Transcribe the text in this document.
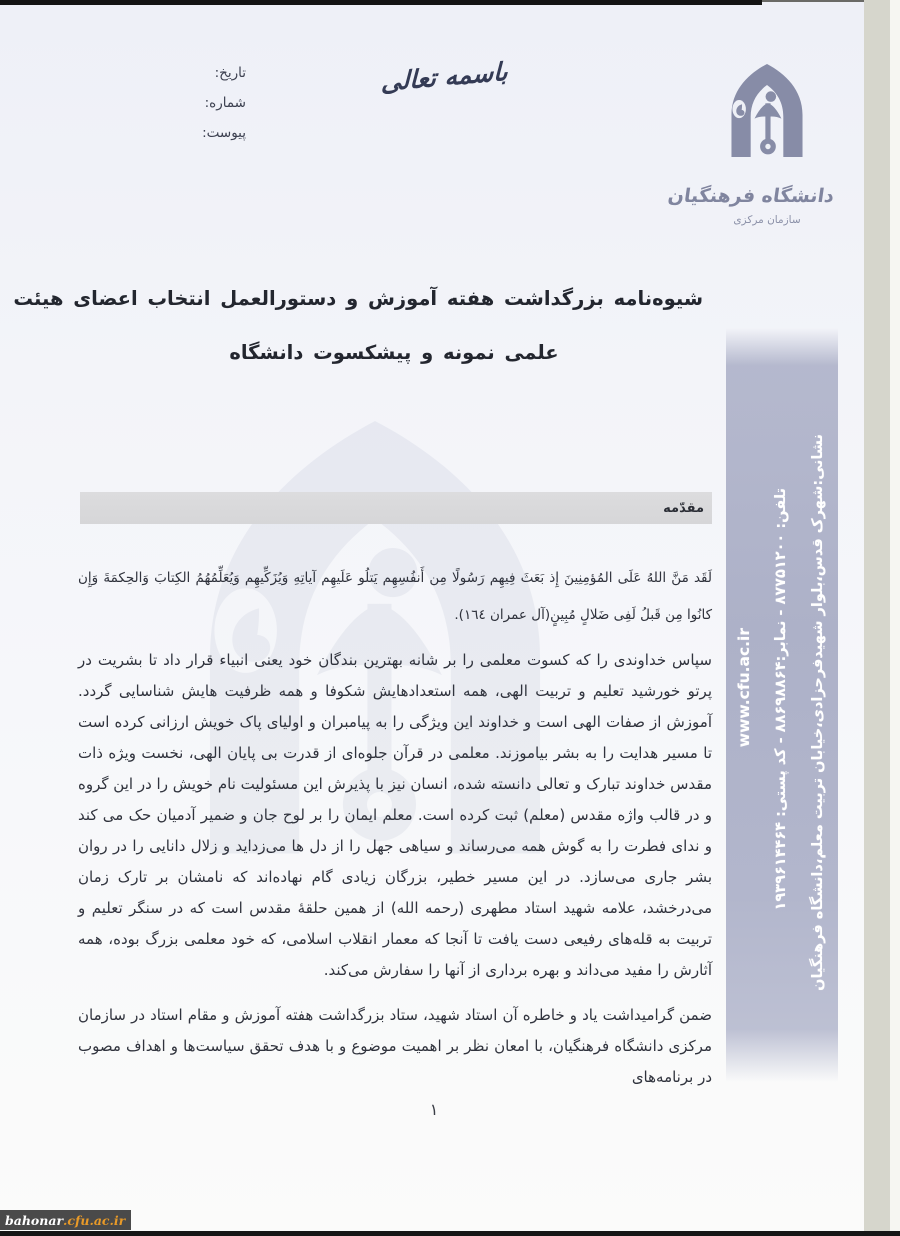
تاریخ:
شماره:
پیوست:
باسمه تعالی
دانشگاه فرهنگیان
سازمان مرکزی
شیوه‌نامه بزرگداشت هفته آموزش و دستورالعمل انتخاب اعضای هیئت
علمی نمونه و پیشکسوت دانشگاه
مقدّمه

لَقَد مَنَّ اللهُ عَلَی المُؤمِنِینَ إِذ بَعَثَ فِیهِم رَسُولًا مِن أَنفُسِهِم یَتلُو عَلَیهِم آیاتِهِ وَیُزَکِّیهِم وَیُعَلِّمُهُمُ الکِتابَ وَالحِکمَةَ وَإِن کانُوا مِن قَبلُ لَفِی ضَلالٍ مُبِینٍ(آل عمران ١٦٤).

سپاس خداوندی را که کسوت معلمی را بر شانه بهترین بندگان خود یعنی انبیاء قرار داد تا بشریت در پرتو خورشید تعلیم و تربیت الهی، همه استعدادهایش شکوفا و همه ظرفیت هایش شناسایی گردد. آموزش از صفات الهی است و خداوند این ویژگی را به پیامبران و اولیای پاک خویش ارزانی کرده است تا مسیر هدایت را به بشر بیاموزند. معلمی در قرآن جلوه‌ای از قدرت بی پایان الهی، نخست ویژه ذات مقدس خداوند تبارک و تعالی دانسته شده، انسان نیز با پذیرش این مسئولیت نام خویش را در این گروه و در قالب واژه مقدس (معلم) ثبت کرده است. معلم ایمان را بر لوح جان و ضمیر آدمیان حک می کند و ندای فطرت را به گوش همه می‌رساند و سیاهی جهل را از دل ها می‌زداید و زلال دانایی را در روان بشر جاری می‌سازد. در این مسیر خطیر، بزرگان زیادی گام نهاده‌اند که نامشان بر تارک زمان می‌درخشد، علامه شهید استاد مطهری (رحمه الله) از همین حلقهٔ مقدس است که در سنگر تعلیم و تربیت به قله‌های رفیعی دست یافت تا آنجا که معمار انقلاب اسلامی، که خود معلمی بزرگ بوده، همه آثارش را مفید می‌داند و بهره برداری از آنها را سفارش می‌کند.

ضمن گرامیداشت یاد و خاطره آن استاد شهید، ستاد بزرگداشت هفته آموزش و مقام استاد در سازمان مرکزی دانشگاه فرهنگیان، با امعان نظر بر اهمیت موضوع و با هدف تحقق سیاست‌ها و اهداف مصوب در برنامه‌های

www.cfu.ac.ir
تلفن: ۸۷۷۵۱۲۰۰ - نمابر:۸۸۶۹۸۸۶۴ - کد پستی: ۱۹۳۹۶۱۴۴۶۴	نشانی:شهرک قدس،بلوار شهیدفرحزادی،خیابان تربیت معلم،دانشگاه فرهنگیان
١
bahonar .cfu.ac.ir
